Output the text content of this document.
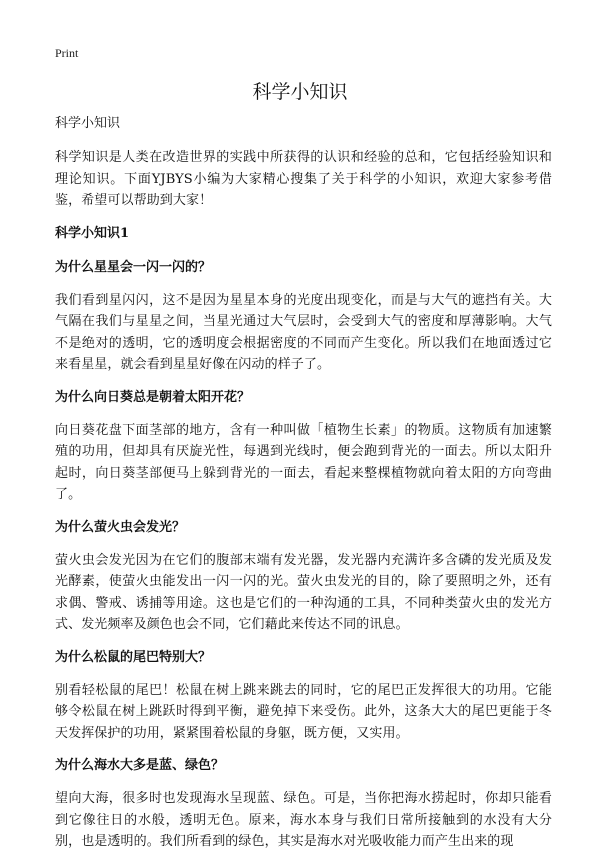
Print
科学小知识

科学小知识

科学知识是人类在改造世界的实践中所获得的认识和经验的总和，它包括经验知识和理论知识。下面YJBYS小编为大家精心搜集了关于科学的小知识，欢迎大家参考借鉴，希望可以帮助到大家！

科学小知识1

为什么星星会一闪一闪的？

我们看到星闪闪，这不是因为星星本身的光度出现变化，而是与大气的遮挡有关。大气隔在我们与星星之间，当星光通过大气层时，会受到大气的密度和厚薄影响。大气不是绝对的透明，它的透明度会根据密度的不同而产生变化。所以我们在地面透过它来看星星，就会看到星星好像在闪动的样子了。

为什么向日葵总是朝着太阳开花？

向日葵花盘下面茎部的地方，含有一种叫做「植物生长素」的物质。这物质有加速繁殖的功用，但却具有厌旋光性，每遇到光线时，便会跑到背光的一面去。所以太阳升起时，向日葵茎部便马上躲到背光的一面去，看起来整棵植物就向着太阳的方向弯曲了。

为什么萤火虫会发光？

萤火虫会发光因为在它们的腹部末端有发光器，发光器内充满许多含磷的发光质及发光酵素，使萤火虫能发出一闪一闪的光。萤火虫发光的目的，除了要照明之外，还有求偶、警戒、诱捕等用途。这也是它们的一种沟通的工具，不同种类萤火虫的发光方式、发光频率及颜色也会不同，它们藉此来传达不同的讯息。

为什么松鼠的尾巴特别大？

别看轻松鼠的尾巴！松鼠在树上跳来跳去的同时，它的尾巴正发挥很大的功用。它能够令松鼠在树上跳跃时得到平衡，避免掉下来受伤。此外，这条大大的尾巴更能于冬天发挥保护的功用，紧紧围着松鼠的身躯，既方便，又实用。

为什么海水大多是蓝、绿色？

望向大海，很多时也发现海水呈现蓝、绿色。可是，当你把海水捞起时，你却只能看到它像往日的水般，透明无色。原来，海水本身与我们日常所接触到的水没有大分别，也是透明的。我们所看到的绿色，其实是海水对光吸收能力而产生出来的现
